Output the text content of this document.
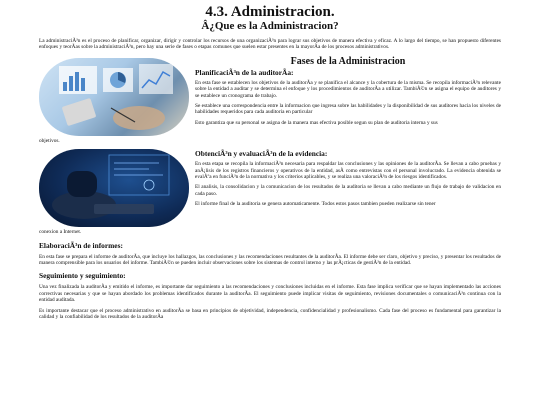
4.3. Administracion.
Â¿Que es la Administracion?

La administraciÃ³n es el proceso de planificar, organizar, dirigir y controlar los recursos de una organizaciÃ³n para lograr sus objetivos de manera efectiva y eficaz. A lo largo del tiempo, se han propuesto diferentes enfoques y teorÃas sobre la administraciÃ³n, pero hay una serie de fases o etapas comunes que suelen estar presentes en la mayorÃa de los procesos administrativos.

Fases de la Administracion
PlanificaciÃ³n de la auditorÃa:

En esta fase se establecen los objetivos de la auditorÃa y se planifica el alcance y la cobertura de la misma. Se recopila informaciÃ³n relevante sobre la entidad a auditar y se determina el enfoque y los procedimientos de auditorÃa a utilizar. TambiÃ©n se asigna el equipo de auditores y se establece un cronograma de trabajo.

Se establece una correspondencia entre la informacion que ingresa sobre las habilidades y la disponibilidad de sus auditores hacia los niveles de habilidades requeridos para cada auditoria en particular

Esto garantiza que su personal se asigna de la manera mas efectiva posible segun su plan de auditoria interna y sus

objetivos.

ObtenciÃ³n y evaluaciÃ³n de la evidencia:

En esta etapa se recopila la informaciÃ³n necesaria para respaldar las conclusiones y las opiniones de la auditorÃa. Se llevan a cabo pruebas y anÃ¡lisis de los registros financieros y operativos de la entidad, asÃ como entrevistas con el personal involucrado. La evidencia obtenida se evalÃºa en funciÃ³n de la normativa y los criterios aplicables, y se realiza una valoraciÃ³n de los riesgos identificados.

El analisis, la consolidacion y la comunicacion de los resultados de la auditoria se llevan a cabo mediante un flujo de trabajo de validacion en cada paso.

El informe final de la auditoria se genera automaticamente. Todos estos pasos tambien pueden realizarse sin tener

conexion a Internet.

ElaboraciÃ³n de informes:

En esta fase se prepara el informe de auditorÃa, que incluye los hallazgos, las conclusiones y las recomendaciones resultantes de la auditorÃa. El informe debe ser claro, objetivo y preciso, y presentar los resultados de manera comprensible para los usuarios del informe. TambiÃ©n se pueden incluir observaciones sobre los sistemas de control interno y las prÃ¡cticas de gestiÃ³n de la entidad.

Seguimiento y seguimiento:

Una vez finalizada la auditorÃa y emitido el informe, es importante dar seguimiento a las recomendaciones y conclusiones incluidas en el informe. Esta fase implica verificar que se hayan implementado las acciones correctivas necesarias y que se hayan abordado los problemas identificados durante la auditorÃa. El seguimiento puede implicar visitas de seguimiento, revisiones documentales o comunicaciÃ³n continua con la entidad auditada.

Es importante destacar que el proceso administrativo en auditorÃa se basa en principios de objetividad, independencia, confidencialidad y profesionalismo. Cada fase del proceso es fundamental para garantizar la calidad y la confiabilidad de los resultados de la auditorÃa
